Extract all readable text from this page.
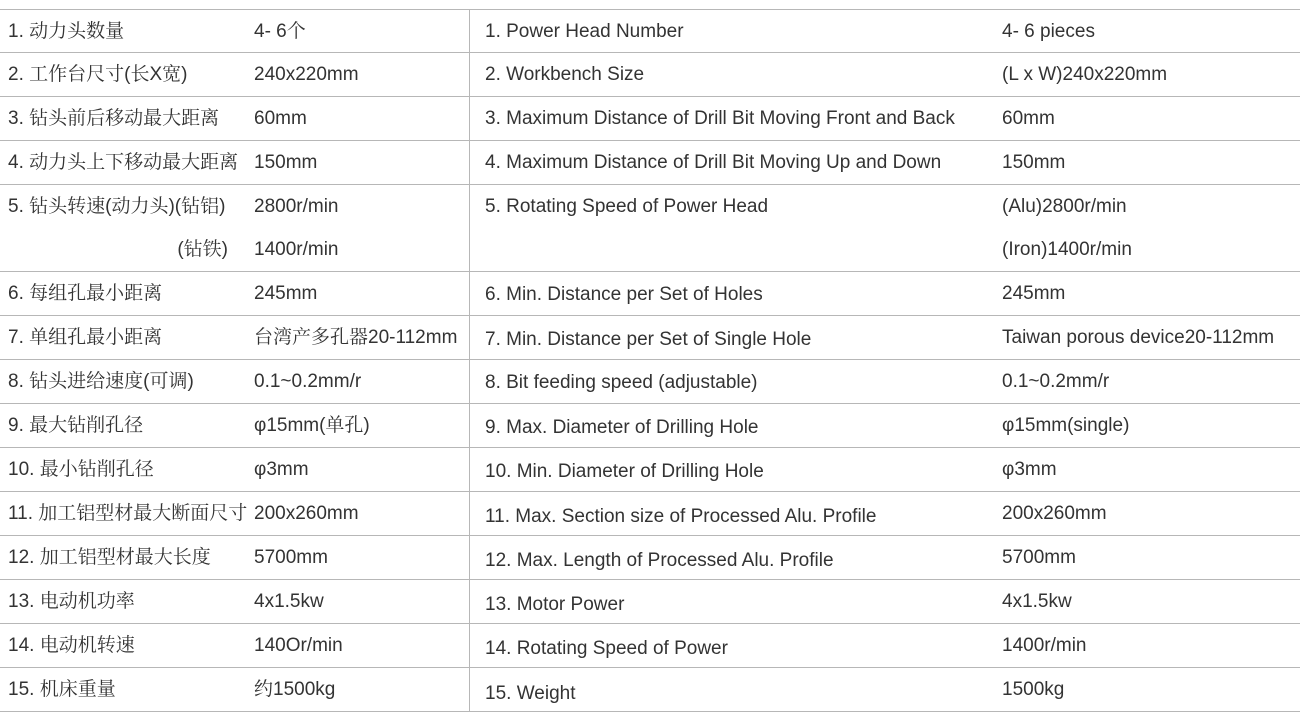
1. 动力头数量	4- 6个
2. 工作台尺寸(长X宽)	240x220mm
3. 钻头前后移动最大距离 60mm
4. 动力头上下移动最大距离 150mm
5. 钻头转速(动力头)(钻铝) 2800r/min
(钻铁) 1400r/min
6. 每组孔最小距离	245mm
7. 单组孔最小距离	台湾产多孔器20-112mm
8. 钻头进给速度(可调)	0.1~0.2mm/r
9. 最大钻削孔径	φ15mm(单孔)
10. 最小钻削孔径	φ3mm
11. 加工铝型材最大断面尺寸 200x260mm
12. 加工铝型材最大长度 5700mm
13. 电动机功率	4x1.5kw
14. 电动机转速	140Or/min
15. 机床重量	约1500kg
1. Power Head Number	4- 6 pieces
2. Workbench Size	(L x W)240x220mm
3. Maximum Distance of Drill Bit Moving Front and Back 60mm
4. Maximum Distance of Drill Bit Moving Up and Down	150mm
5. Rotating Speed of Power Head	(Alu)2800r/min
(Iron)1400r/min
6. Min. Distance per Set of Holes	245mm
7. Min. Distance per Set of Single Hole	Taiwan porous device20-112mm
8. Bit feeding speed (adjustable)	0.1~0.2mm/r
9. Max. Diameter of Drilling Hole	φ15mm(single)
10. Min. Diameter of Drilling Hole	φ3mm
11. Max. Section size of Processed Alu. Profile	200x260mm
12. Max. Length of Processed Alu. Profile	5700mm
13. Motor Power	4x1.5kw
14. Rotating Speed of Power	1400r/min
15. Weight	1500kg
